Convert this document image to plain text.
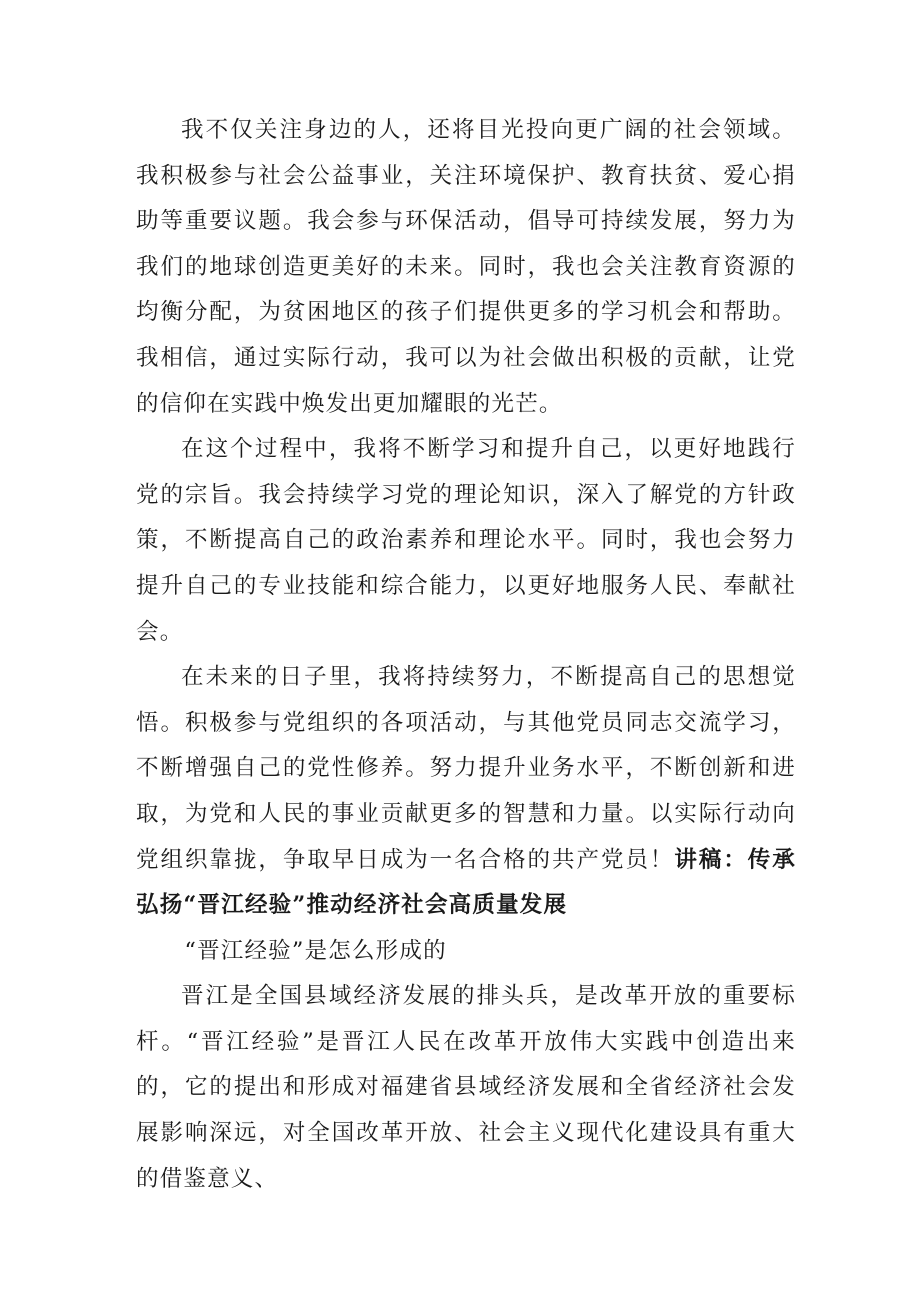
我不仅关注身边的人，还将目光投向更广阔的社会领域。我积极参与社会公益事业，关注环境保护、教育扶贫、爱心捐助等重要议题。我会参与环保活动，倡导可持续发展，努力为我们的地球创造更美好的未来。同时，我也会关注教育资源的均衡分配，为贫困地区的孩子们提供更多的学习机会和帮助。我相信，通过实际行动，我可以为社会做出积极的贡献，让党的信仰在实践中焕发出更加耀眼的光芒。

在这个过程中，我将不断学习和提升自己，以更好地践行党的宗旨。我会持续学习党的理论知识，深入了解党的方针政策，不断提高自己的政治素养和理论水平。同时，我也会努力提升自己的专业技能和综合能力，以更好地服务人民、奉献社会。

在未来的日子里，我将持续努力，不断提高自己的思想觉悟。积极参与党组织的各项活动，与其他党员同志交流学习，不断增强自己的党性修养。努力提升业务水平，不断创新和进取，为党和人民的事业贡献更多的智慧和力量。以实际行动向党组织靠拢，争取早日成为一名合格的共产党员！讲稿：传承弘扬“晋江经验”推动经济社会高质量发展

“晋江经验”是怎么形成的

晋江是全国县域经济发展的排头兵，是改革开放的重要标杆。“晋江经验”是晋江人民在改革开放伟大实践中创造出来的，它的提出和形成对福建省县域经济发展和全省经济社会发展影响深远，对全国改革开放、社会主义现代化建设具有重大的借鉴意义、
